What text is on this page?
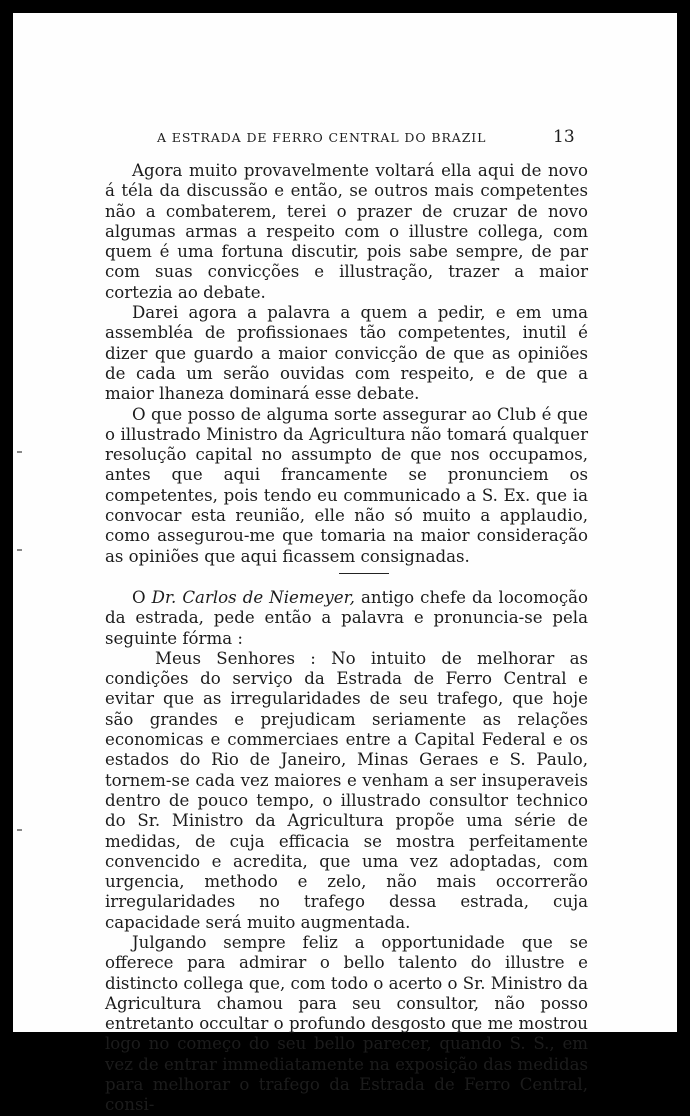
A ESTRADA DE FERRO CENTRAL DO BRAZIL	13

Agora muito provavelmente voltará ella aqui de novo á téla da discussão e então, se outros mais competentes não a combaterem, terei o prazer de cruzar de novo algumas armas a respeito com o illustre collega, com quem é uma fortuna discutir, pois sabe sempre, de par com suas convicções e illustração, trazer a maior cortezia ao debate.

Darei agora a palavra a quem a pedir, e em uma assembléa de profissionaes tão competentes, inutil é dizer que guardo a maior convicção de que as opiniões de cada um serão ouvidas com respeito, e de que a maior lhaneza dominará esse debate.

O que posso de alguma sorte assegurar ao Club é que o illustrado Ministro da Agricultura não tomará qualquer resolução capital no assumpto de que nos occupamos, antes que aqui francamente se pronunciem os competentes, pois tendo eu communicado a S. Ex. que ia convocar esta reunião, elle não só muito a applaudio, como assegurou-me que tomaria na maior consideração as opiniões que aqui ficassem consignadas.

O Dr. Carlos de Niemeyer, antigo chefe da locomoção da estrada, pede então a palavra e pronuncia-se pela seguinte fórma :

Meus Senhores : No intuito de melhorar as condições do serviço da Estrada de Ferro Central e evitar que as irregularidades de seu trafego, que hoje são grandes e prejudicam seriamente as relações economicas e commerciaes entre a Capital Federal e os estados do Rio de Janeiro, Minas Geraes e S. Paulo, tornem-se cada vez maiores e venham a ser insuperaveis dentro de pouco tempo, o illustrado consultor technico do Sr. Ministro da Agricultura propõe uma série de medidas, de cuja efficacia se mostra perfeitamente convencido e acredita, que uma vez adoptadas, com urgencia, methodo e zelo, não mais occorrerão irregularidades no trafego dessa estrada, cuja capacidade será muito augmentada.

Julgando sempre feliz a opportunidade que se offerece para admirar o bello talento do illustre e distincto collega que, com todo o acerto o Sr. Ministro da Agricultura chamou para seu consultor, não posso entretanto occultar o profundo desgosto que me mostrou logo no começo do seu bello parecer, quando S. S., em vez de entrar immediatamente na exposição das medidas para melhorar o trafego da Estrada de Ferro Central, consi-
